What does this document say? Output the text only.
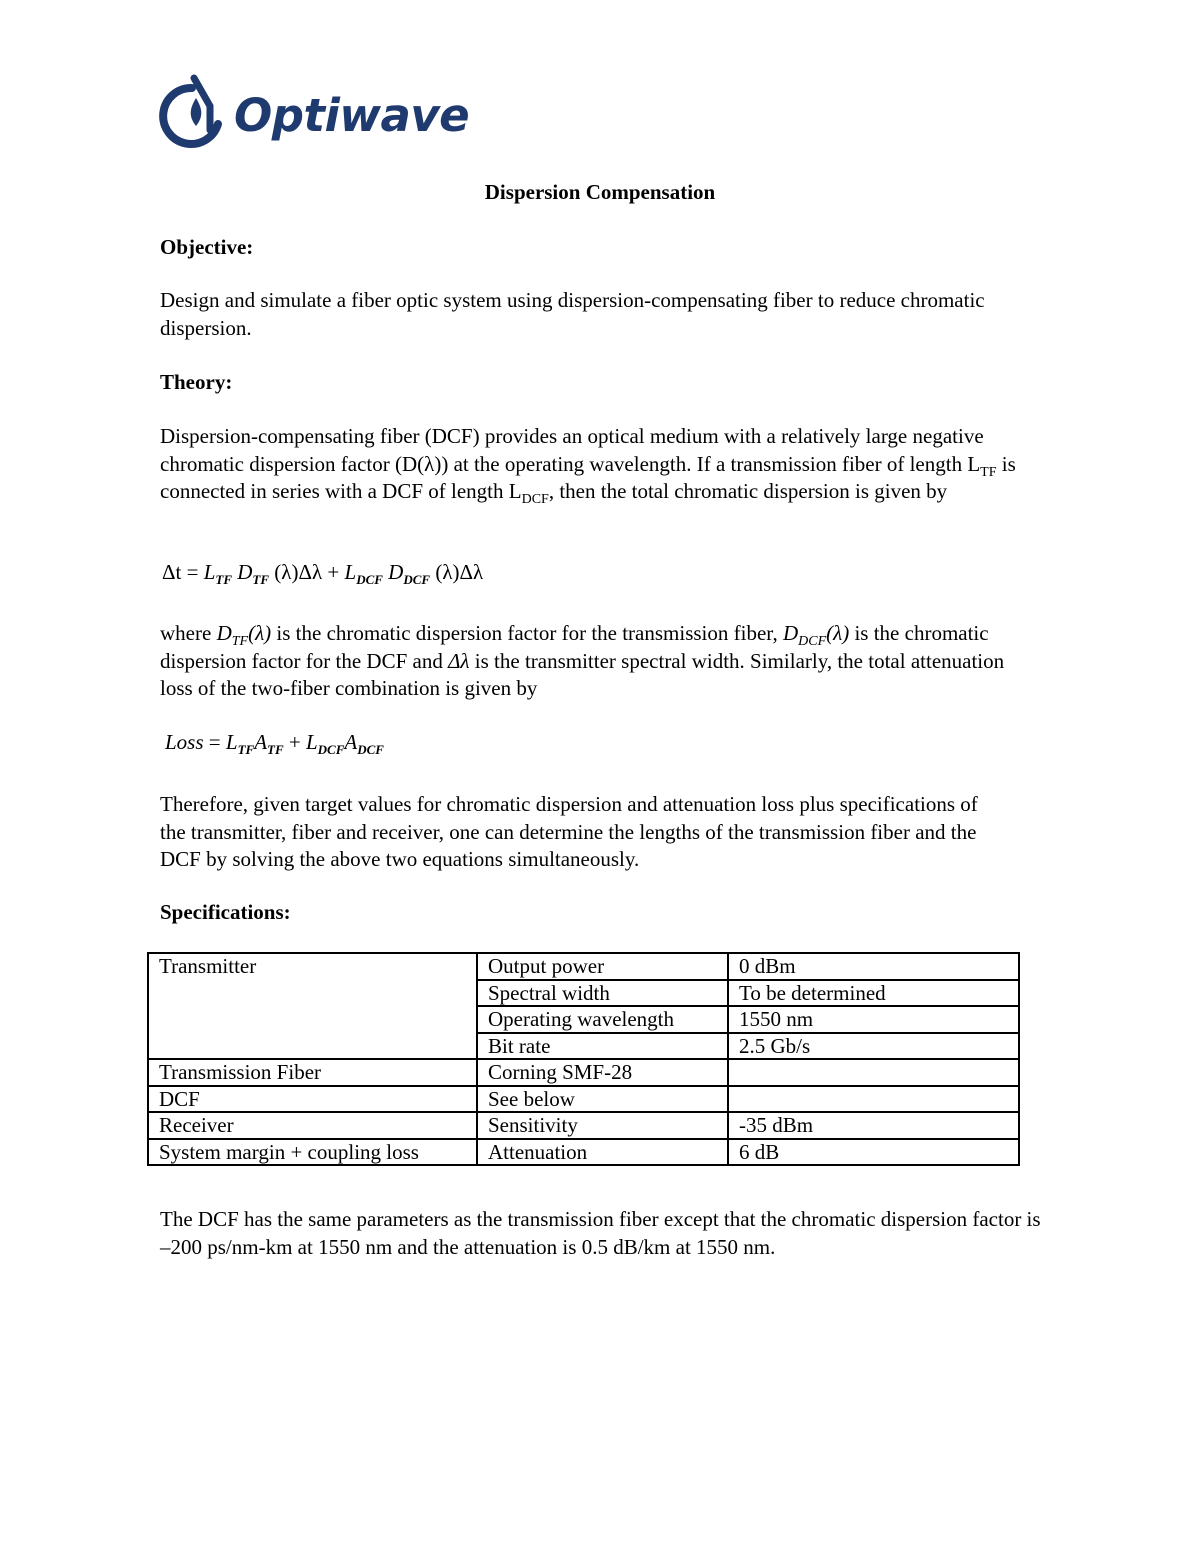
Optiwave
Dispersion Compensation
Objective:
Design and simulate a fiber optic system using dispersion-compensating fiber to reduce chromatic dispersion.
Theory:
Dispersion-compensating fiber (DCF) provides an optical medium with a relatively large negative chromatic dispersion factor (D(λ)) at the operating wavelength. If a transmission fiber of length $L_{TF}$ is connected in series with a DCF of length $L_{DCF}$, then the total chromatic dispersion is given by
$\Delta t = L_{TF}$ $D_{TF}$ $(\lambda)\Delta\lambda + L_{DCF}$ $D_{DCF}$ (λ)Δλ
where $D_{TF}(\lambda)$ is the chromatic dispersion factor for the transmission fiber, $D_{DCF}(\lambda)$ is the chromatic dispersion factor for the DCF and Δλ is the transmitter spectral width. Similarly, the total attenuation loss of the two-fiber combination is given by
Loss = $L_{TF}A_{TF} + L_{DCF}A_{DCF}$
Therefore, given target values for chromatic dispersion and attenuation loss plus specifications of the transmitter, fiber and receiver, one can determine the lengths of the transmission fiber and the DCF by solving the above two equations simultaneously.
Specifications:
Transmitter	Output power	0 dBm
	Spectral width	To be determined
	Operating wavelength	1550 nm
	Bit rate	2.5 Gb/s
Transmission Fiber	Corning SMF-28	
DCF	See below	
Receiver	Sensitivity	-35 dBm
System margin + coupling loss	Attenuation	6 dB
The DCF has the same parameters as the transmission fiber except that the chromatic dispersion factor is –200 ps/nm-km at 1550 nm and the attenuation is 0.5 dB/km at 1550 nm.
